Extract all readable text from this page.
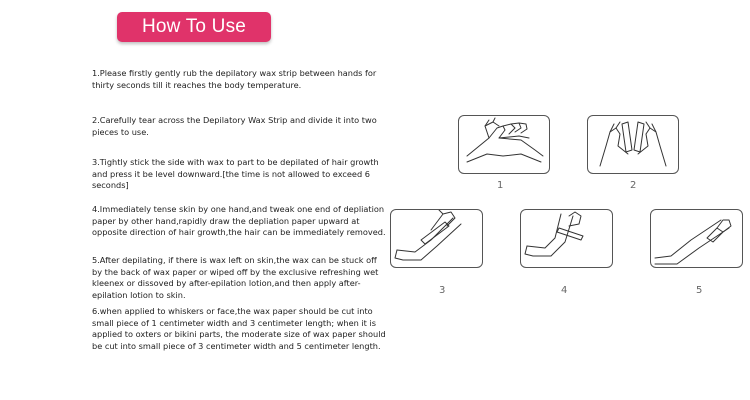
How To Use
1.Please firstly gently rub the depilatory wax strip between hands for thirty seconds till it reaches the body temperature.
2.Carefully tear across the Depilatory Wax Strip and divide it into two pieces to use.
3.Tightly stick the side with wax to part to be depilated of hair growth and press it be level downward.[the time is not allowed to exceed 6 seconds]
4.Immediately tense skin by one hand,and tweak one end of depliation paper by other hand,rapidly draw the depliation paper upward at opposite direction of hair growth,the hair can be immediately removed.
5.After depilating, if there is wax left on skin,the wax can be stuck off by the back of wax paper or wiped off by the exclusive refreshing wet kleenex or dissoved by after-epilation lotion,and then apply after-epilation lotion to skin.
6.when applied to whiskers or face,the wax paper should be cut into small piece of 1 centimeter width and 3 centimeter length; when it is applied to oxters or bikini parts, the moderate size of wax paper should be cut into small piece of 3 centimeter width and 5 centimeter length.
1	2
3	4	5
